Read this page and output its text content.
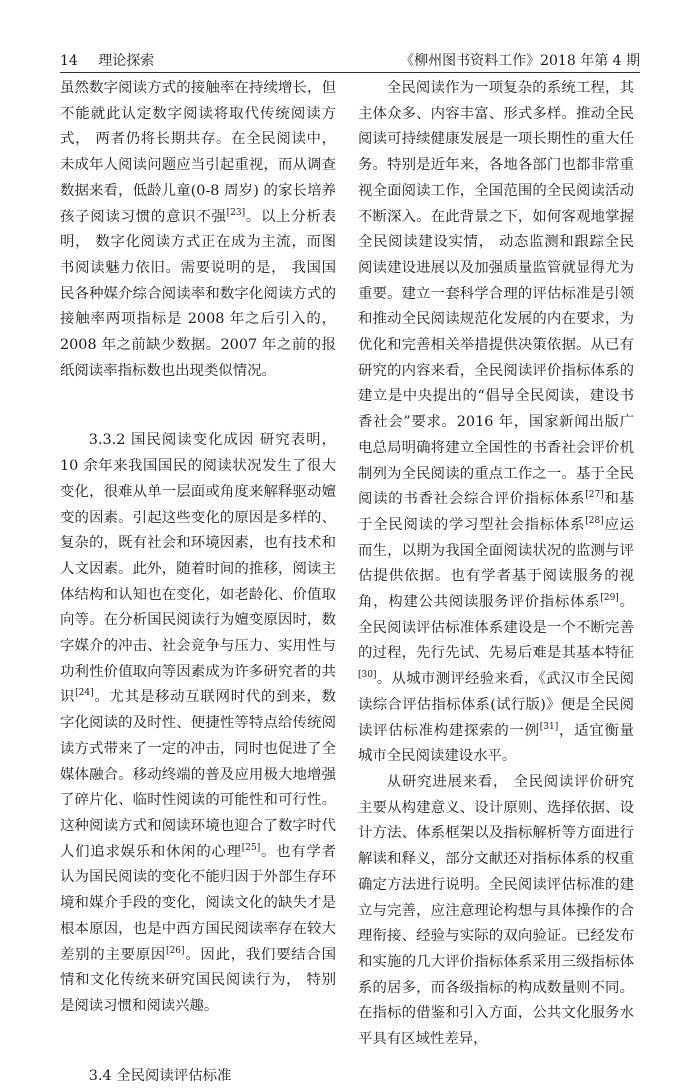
14 理论探索	《柳州图书资料工作》2018 年第 4 期

虽然数字阅读方式的接触率在持续增长，但不能就此认定数字阅读将取代传统阅读方式， 两者仍将长期共存。在全民阅读中，未成年人阅读问题应当引起重视，而从调查数据来看，低龄儿童(0-8 周岁) 的家长培养孩子阅读习惯的意识不强[23]。以上分析表明， 数字化阅读方式正在成为主流，而图书阅读魅力依旧。需要说明的是， 我国国民各种媒介综合阅读率和数字化阅读方式的接触率两项指标是 2008 年之后引入的，2008 年之前缺少数据。2007 年之前的报纸阅读率指标数也出现类似情况。

3.3.2 国民阅读变化成因 研究表明，10 余年来我国国民的阅读状况发生了很大变化，很难从单一层面或角度来解释驱动嬗变的因素。引起这些变化的原因是多样的、复杂的，既有社会和环境因素，也有技术和人文因素。此外，随着时间的推移，阅读主体结构和认知也在变化，如老龄化、价值取向等。在分析国民阅读行为嬗变原因时，数字媒介的冲击、社会竞争与压力、实用性与功利性价值取向等因素成为许多研究者的共识[24]。尤其是移动互联网时代的到来，数字化阅读的及时性、便捷性等特点给传统阅读方式带来了一定的冲击，同时也促进了全媒体融合。移动终端的普及应用极大地增强了碎片化、临时性阅读的可能性和可行性。这种阅读方式和阅读环境也迎合了数字时代人们追求娱乐和休闲的心理[25]。也有学者认为国民阅读的变化不能归因于外部生存环境和媒介手段的变化，阅读文化的缺失才是根本原因，也是中西方国民阅读率存在较大差别的主要原因[26]。因此，我们要结合国情和文化传统来研究国民阅读行为， 特别是阅读习惯和阅读兴趣。

3.4 全民阅读评估标准

全民阅读作为一项复杂的系统工程，其主体众多、内容丰富、形式多样。推动全民阅读可持续健康发展是一项长期性的重大任务。特别是近年来，各地各部门也都非常重视全面阅读工作，全国范围的全民阅读活动不断深入。在此背景之下，如何客观地掌握全民阅读建设实情， 动态监测和跟踪全民阅读建设进展以及加强质量监管就显得尤为重要。建立一套科学合理的评估标准是引领和推动全民阅读规范化发展的内在要求，为优化和完善相关举措提供决策依据。从已有研究的内容来看，全民阅读评价指标体系的建立是中央提出的“倡导全民阅读，建设书香社会”要求。2016 年，国家新闻出版广电总局明确将建立全国性的书香社会评价机制列为全民阅读的重点工作之一。基于全民阅读的书香社会综合评价指标体系[27]和基于全民阅读的学习型社会指标体系[28]应运而生，以期为我国全面阅读状况的监测与评估提供依据。也有学者基于阅读服务的视角，构建公共阅读服务评价指标体系[29]。全民阅读评估标准体系建设是一个不断完善的过程，先行先试、先易后难是其基本特征[30]。从城市测评经验来看，《武汉市全民阅读综合评估指标体系(试行版)》便是全民阅读评估标准构建探索的一例[31]，适宜衡量城市全民阅读建设水平。

从研究进展来看， 全民阅读评价研究主要从构建意义、设计原则、选择依据、设计方法、体系框架以及指标解析等方面进行解读和释义，部分文献还对指标体系的权重确定方法进行说明。全民阅读评估标准的建立与完善，应注意理论构想与具体操作的合理衔接、经验与实际的双向验证。已经发布和实施的几大评价指标体系采用三级指标体系的居多，而各级指标的构成数量则不同。在指标的借鉴和引入方面，公共文化服务水平具有区域性差异，
